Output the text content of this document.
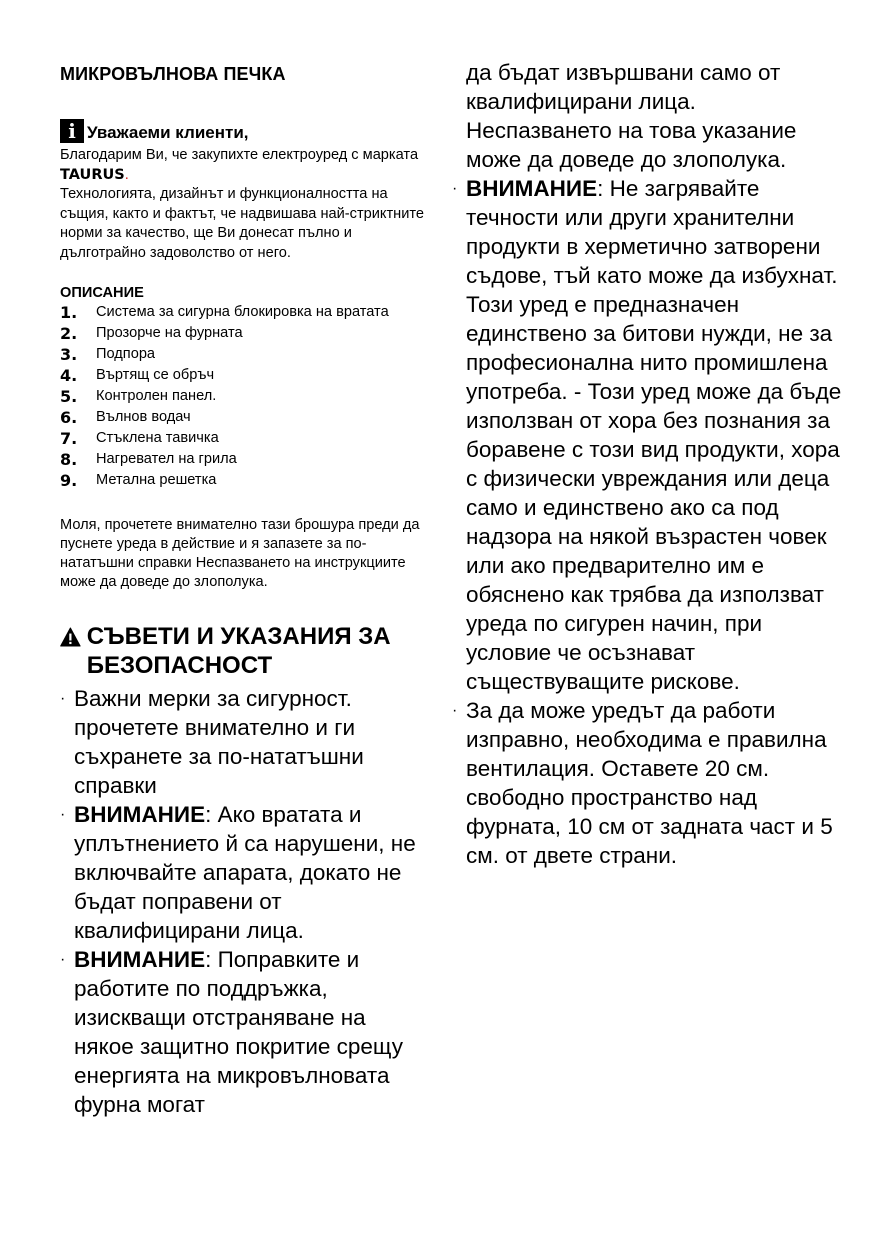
МИКРОВЪЛНОВА ПЕЧКА
i Уважаеми клиенти,
Благодарим Ви, че закупихте електроуред с марката TAURUS.
Технологията, дизайнът и функционалността на същия, както и фактът, че надвишава най-стриктните норми за качество, ще Ви донесат пълно и дълготрайно задоволство от него.
ОПИСАНИЕ
1.	Система за сигурна блокировка на вратата
2.	Прозорче на фурната
3.	Подпора
4.	Въртящ се обръч
5.	Контролен панел.
6.	Вълнов водач
7.	Стъклена тавичка
8.	Нагревател на грила
9.	Метална решетка
Моля, прочетете внимателно тази брошура преди да пуснете уреда в действие и я запазете за по-нататъшни справки Неспазването на инструкциите може да доведе до злополука.
СЪВЕТИ И УКАЗАНИЯ ЗА БЕЗОПАСНОСТ
· Важни мерки за сигурност. прочетете внимателно и ги съхранете за по-нататъшни справки
· ВНИМАНИЕ: Ако вратата и уплътнението й са нарушени, не включвайте апарата, докато не бъдат поправени от квалифицирани лица.
· ВНИМАНИЕ: Поправките и работите по поддръжка, изискващи отстраняване на някое защитно покритие срещу енергията на микровълновата фурна могат
да бъдат извършвани само от квалифицирани лица. Неспазването на това указание може да доведе до злополука.
· ВНИМАНИЕ: Не загрявайте течности или други хранителни продукти в херметично затворени съдове, тъй като може да избухнат.
Този уред е предназначен единствено за битови нужди, не за професионална нито промишлена употреба. - Този уред може да бъде използван от хора без познания за боравене с този вид продукти, хора с физически увреждания или деца само и единствено ако са под надзора на някой възрастен човек или ако предварително им е обяснено как трябва да използват уреда по сигурен начин, при условие че осъзнават съществуващите рискове.
· За да може уредът да работи изправно, необходима е правилна вентилация. Оставете 20 см. свободно пространство над фурната, 10 см от задната част и 5 см. от двете страни.
